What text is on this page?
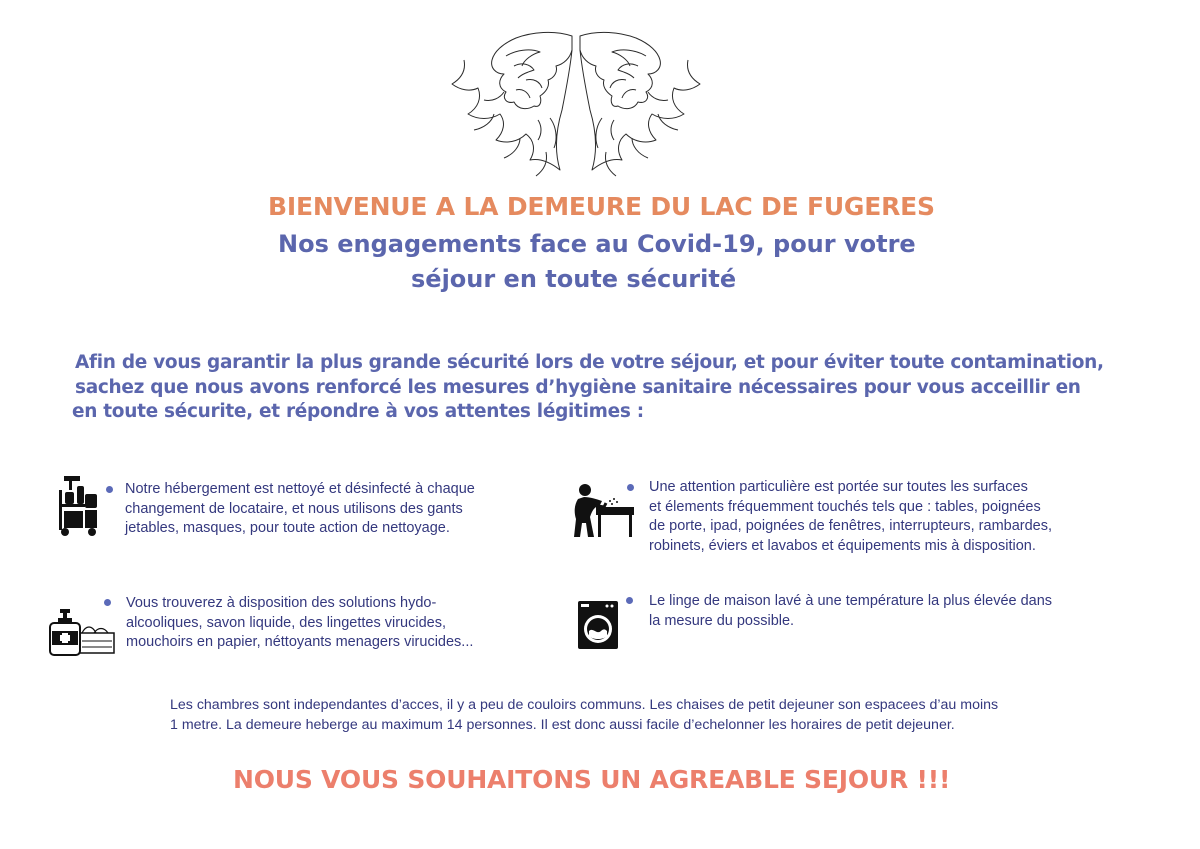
BIENVENUE A LA DEMEURE DU LAC DE FUGERES
Nos engagements face au Covid-19, pour votre
séjour en toute sécurité
Afin de vous garantir la plus grande sécurité lors de votre séjour, et pour éviter toute contamination,
sachez que nous avons renforcé les mesures d’hygiène sanitaire nécessaires pour vous acceillir en
en toute sécurite, et répondre à vos attentes légitimes :
Notre hébergement est nettoyé et désinfecté à chaque
changement de locataire, et nous utilisons des gants
jetables, masques, pour toute action de nettoyage.
Une attention particulière est portée sur toutes les surfaces
et élements fréquemment touchés tels que : tables, poignées
de porte, ipad, poignées de fenêtres, interrupteurs, rambardes,
robinets, éviers et lavabos et équipements mis à disposition.
Vous trouverez à disposition des solutions hydo-
alcooliques, savon liquide, des lingettes virucides,
mouchoirs en papier, néttoyants menagers virucides...
Le linge de maison lavé à une température la plus élevée dans
la mesure du possible.
Les chambres sont independantes d’acces, il y a peu de couloirs communs. Les chaises de petit dejeuner son espacees d’au moins
1 metre. La demeure heberge au maximum 14 personnes. Il est donc aussi facile d’echelonner les horaires de petit dejeuner.
NOUS VOUS SOUHAITONS UN AGREABLE SEJOUR !!!
